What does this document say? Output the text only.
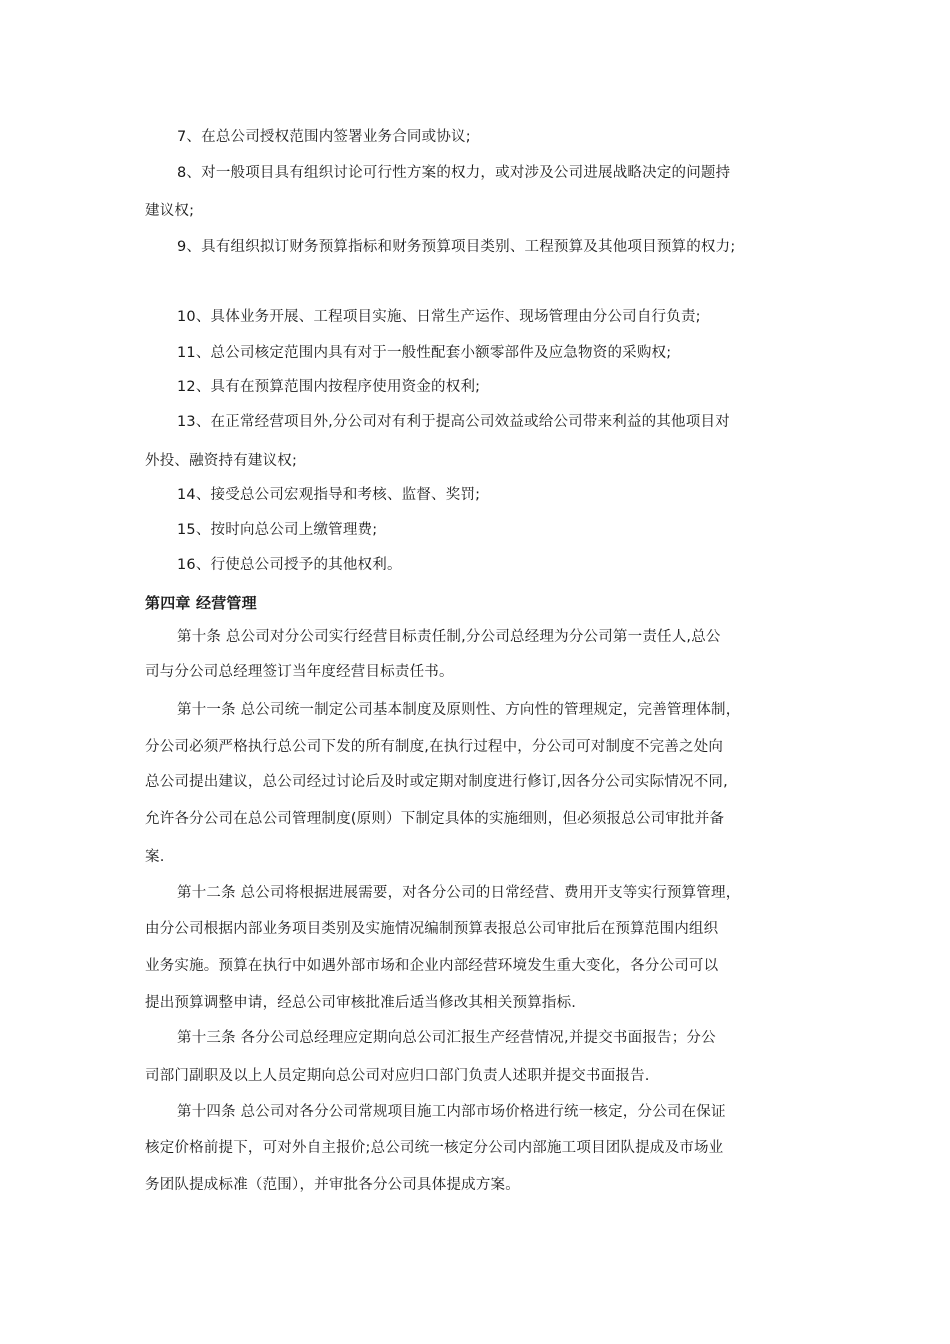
7、在总公司授权范围内签署业务合同或协议;
8、对一般项目具有组织讨论可行性方案的权力，或对涉及公司进展战略决定的问题持
建议权;
9、具有组织拟订财务预算指标和财务预算项目类别、工程预算及其他项目预算的权力;
10、具体业务开展、工程项目实施、日常生产运作、现场管理由分公司自行负责;
11、总公司核定范围内具有对于一般性配套小额零部件及应急物资的采购权;
12、具有在预算范围内按程序使用资金的权利;
13、在正常经营项目外,分公司对有利于提高公司效益或给公司带来利益的其他项目对
外投、融资持有建议权;
14、接受总公司宏观指导和考核、监督、奖罚;
15、按时向总公司上缴管理费;
16、行使总公司授予的其他权利。
第四章 经营管理
第十条 总公司对分公司实行经营目标责任制,分公司总经理为分公司第一责任人,总公
司与分公司总经理签订当年度经营目标责任书。
第十一条 总公司统一制定公司基本制度及原则性、方向性的管理规定，完善管理体制，
分公司必须严格执行总公司下发的所有制度,在执行过程中，分公司可对制度不完善之处向
总公司提出建议，总公司经过讨论后及时或定期对制度进行修订,因各分公司实际情况不同,
允许各分公司在总公司管理制度(原则）下制定具体的实施细则，但必须报总公司审批并备
案.
第十二条 总公司将根据进展需要，对各分公司的日常经营、费用开支等实行预算管理，
由分公司根据内部业务项目类别及实施情况编制预算表报总公司审批后在预算范围内组织
业务实施。预算在执行中如遇外部市场和企业内部经营环境发生重大变化，各分公司可以
提出预算调整申请，经总公司审核批准后适当修改其相关预算指标.
第十三条 各分公司总经理应定期向总公司汇报生产经营情况,并提交书面报告；分公
司部门副职及以上人员定期向总公司对应归口部门负责人述职并提交书面报告.
第十四条 总公司对各分公司常规项目施工内部市场价格进行统一核定，分公司在保证
核定价格前提下，可对外自主报价;总公司统一核定分公司内部施工项目团队提成及市场业
务团队提成标准（范围），并审批各分公司具体提成方案。
